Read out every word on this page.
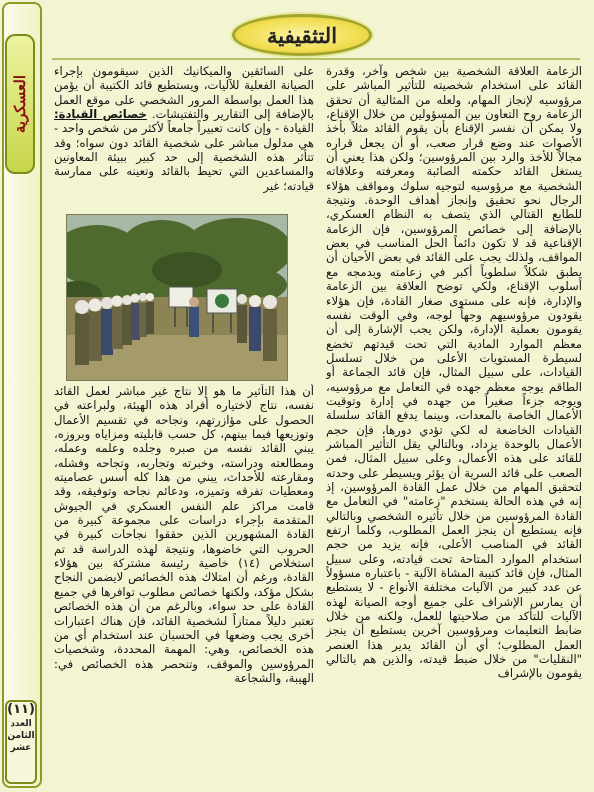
العسكرية
(١١)
العدد
الثامن
عشر
التثقيفية

الزعامة العلاقة الشخصية بين شخص وآخر، وقدرة القائد على استخدام شخصيته للتأثير المباشر على مرؤوسيه لإنجاز المهام، ولعله من المثالية أن تحقق الزعامة روح التعاون بين المسؤولين من خلال الإقناع، ولا يمكن أن نفسر الإقناع بأن يقوم القائد مثلاً بأخذ الأصوات عند وضع قرار صعب، أو أن يجعل قراره مجالاً للأخذ والرد بين المرؤوسين؛ ولكن هذا يعني أن يستغل القائد حكمته الصائبة ومعرفته وعلاقاته الشخصية مع مرؤوسيه لتوجيه سلوك ومواقف هؤلاء الرجال نحو تحقيق وإنجاز أهداف الوحدة. ونتيجة للطابع القتالي الذي يتصف به النظام العسكري، بالإضافة إلى خصائص المرؤوسين، فإن الزعامة الإقناعية قد لا تكون دائماً الحل المناسب في بعض المواقف، ولذلك يجب على القائد في بعض الأحيان أن يطبق شكلاً سلطوياً أكبر في زعامته ويدمجه مع أسلوب الإقناع، ولكي توضح العلاقة بين الزعامة والإدارة، فإنه على مستوى صغار القادة، فإن هؤلاء يقودون مرؤوسيهم وجهاً لوجه، وفي الوقت نفسه يقومون بعملية الإدارة، ولكن يجب الإشارة إلى أن معظم الموارد المادية التي تحت قيدتهم تخضع لسيطرة المستويات الأعلى من خلال تسلسل القيادات، على سبيل المثال، فإن قائد الجماعة أو الطاقم يوجه معظم جهده في التعامل مع مرؤوسيه، ويوجه جزءاً صغيراً من جهده في إدارة وتوقيت الأعمال الخاصة بالمعدات، وبينما يدفع القائد سلسلة القيادات الخاضعة له لكي تؤدي دورها، فإن حجم الأعمال بالوحدة يزداد، وبالتالي يقل التأثير المباشر للقائد على هذه الأعمال، وعلى سبيل المثال، فمن الصعب على قائد السرية أن يؤثر ويسيطر على وحدته لتحقيق المهام من خلال عمل القادة المرؤوسين، إذ إنه في هذه الحالة يستخدم "زعامته" في التعامل مع القادة المرؤوسين من خلال تأثيره الشخصي وبالتالي فإنه يستطيع أن ينجز العمل المطلوب، وكلما ارتفع القائد في المناصب الأعلى، فإنه يزيد من حجم استخدام الموارد المتاحة تحت قيادته، وعلى سبيل المثال، فإن قائد كتيبة المشاة الآلية - باعتباره مسؤولاً عن عدد كبير من الآليات مختلفة الأنواع - لا يستطيع أن يمارس الإشراف على جميع أوجه الصيانة لهذه الآليات للتأكد من صلاحيتها للعمل، ولكنه من خلال ضابط التعليمات ومرؤوسين آخرين يستطيع أن ينجز العمل المطلوب؛ أي أن القائد يدير هذا العنصر "النقليات" من خلال ضبط قيدته، والذين هم بالتالي يقومون بالإشراف

على السائقين والميكانيك الذين سيقومون بإجراء الصيانة الفعلية للآليات، ويستطيع قائد الكتيبة أن يؤمن هذا العمل بواسطة المرور الشخصي على موقع العمل بالإضافة إلى التقارير والتفتيشات. خصائص القيادة: القيادة - وإن كانت تعبيراً جامعاً لأكثر من شخص واحد - هي مدلول مباشر على شخصية القائد دون سواه؛ وقد تتأثر هذه الشخصية إلى حد كبير ببيئة المعاونين والمساعدين التي تحيط بالقائد وتعينه على ممارسة قيادته؛ غير

أن هذا التأثير ما هو إلا نتاج غير مباشر لعمل القائد نفسه، نتاج لاختياره أفراد هذه الهيئة، ولبراعته في الحصول على مؤازرتهم، ونجاحه في تقسيم الأعمال وتوزيعها فيما بينهم، كل حسب قابليته ومزاياه وبروزه، يبني القائد نفسه من صبره وجلده وعلمه وعمله، ومطالعته ودراسته، وخبرته وتجاربه، وتجاحه وفشله، ومقارعته للأحداث، يبني من هذا كله أسس عصاميته ومعطيات تفرقه وتميزه، ودعائم نجاحه وتوفيقه، وقد قامت مراكز علم النفس العسكري في الجيوش المتقدمة بإجراء دراسات على مجموعة كبيرة من القادة المشهورين الذين حققوا نجاحات كبيرة في الحروب التي خاضوها، ونتيجة لهذه الدراسة قد تم استخلاص (١٤) خاصية رئيسة مشتركة بين هؤلاء القادة، ورغم أن امتلاك هذه الخصائص لايضمن النجاح بشكل مؤكد، ولكنها خصائص مطلوب توافرها في جميع القادة على حد سواء، وبالرغم من أن هذه الخصائص تعتبر دليلاً ممتازاً لشخصية القائد، فإن هناك اعتبارات أخرى يجب وضعها في الحسبان عند استخدام أي من هذه الخصائص، وهي: المهمة المحددة، وشخصيات المرؤوسين والموقف، وتنحصر هذه الخصائص في: الهيبة، والشجاعة
